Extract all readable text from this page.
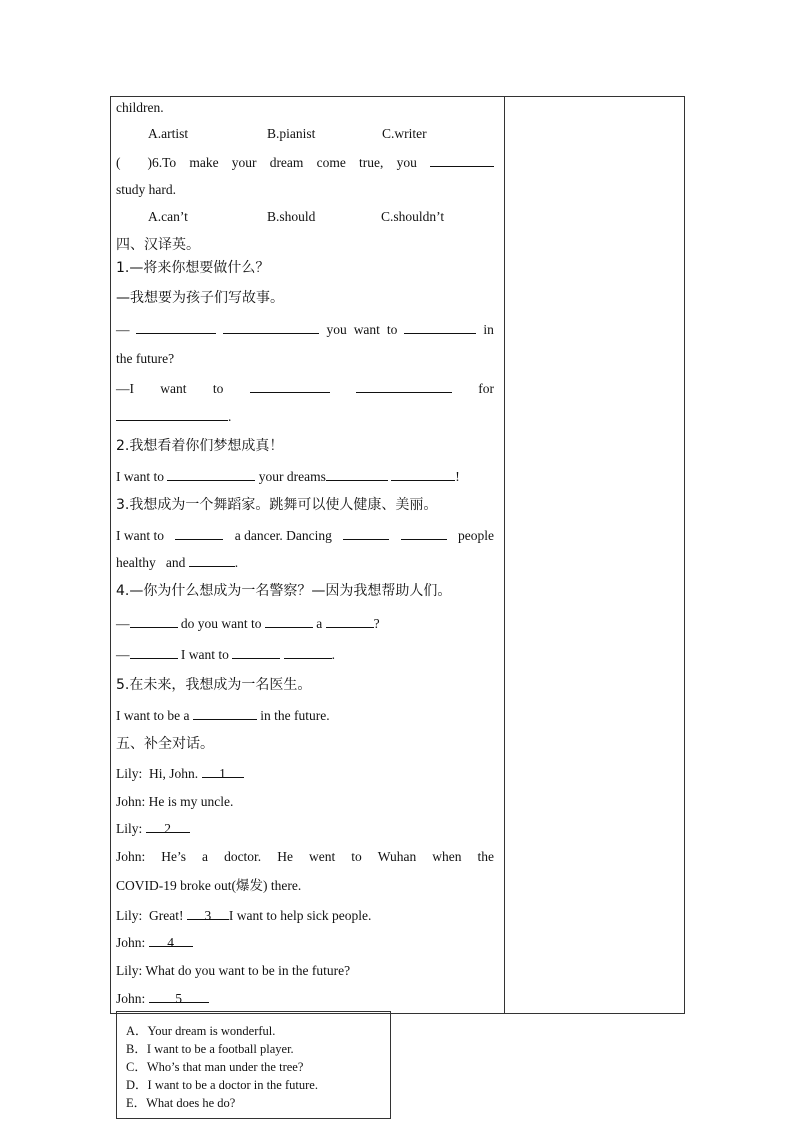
children.
A.artist	B.pianist	C.writer
(        )6.To make your dream come true, you
study hard.
A.can’t	B.should	C.shouldn’t
四、汉译英。
1.—将来你想要做什么？
—我想要为孩子们写故事。
—	you want to	in
the future?
—I want to	for
.
2.我想看着你们梦想成真！
I want to	your dreams	!
3.我想成为一个舞蹈家。跳舞可以使人健康、美丽。
I want to	a dancer. Dancing	people
healthy   and	.
4.—你为什么想成为一名警察？—因为我想帮助人们。
—	do you want to	a	?
—	I want to	.
5.在未来，我想成为一名医生。
I want to be a	in the future.
五、补全对话。
Lily:  Hi, John. 1
John: He is my uncle.
Lily: 2
John: He’s a doctor. He went to Wuhan when the
COVID-19 broke out(爆发) there.
Lily:  Great! 3 I want to help sick people.
John: 4
Lily: What do you want to be in the future?
John: 5
A．Your dream is wonderful.
B．I want to be a football player.
C．Who’s that man under the tree?
D．I want to be a doctor in the future.
E．What does he do?
